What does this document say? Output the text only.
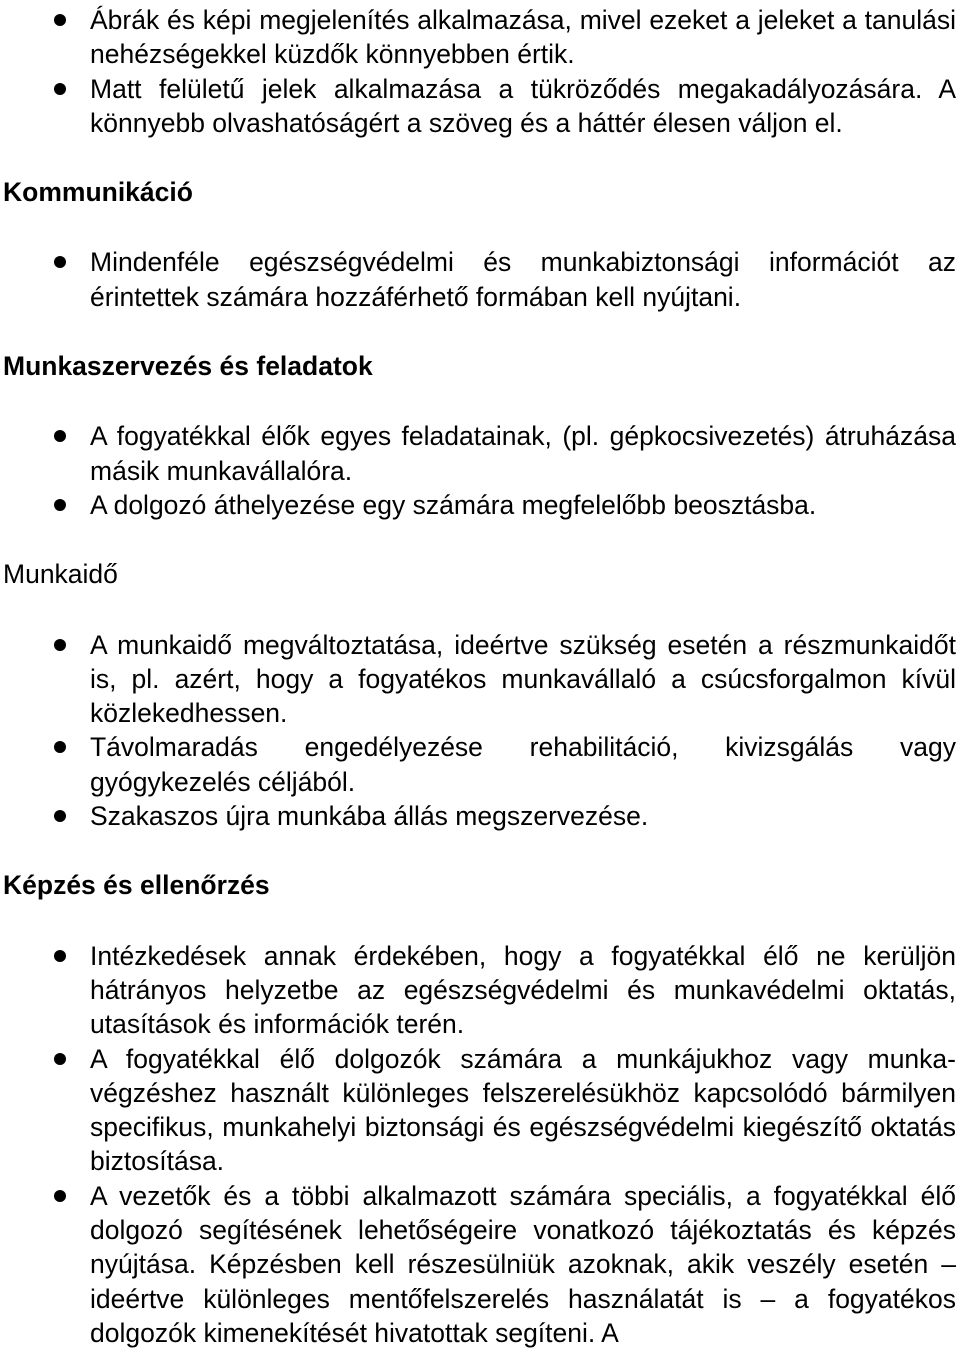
Ábrák és képi megjelenítés alkalmazása, mivel ezeket a jeleket a tanulási nehézségekkel küzdők könnyebben értik.
Matt felületű jelek alkalmazása a tükröződés megakadályozására. A könnyebb olvashatóságért a szöveg és a háttér élesen váljon el.
Kommunikáció
Mindenféle egészségvédelmi és munkabiztonsági információt az érintettek számára hozzáférhető formában kell nyújtani.
Munkaszervezés és feladatok
A fogyatékkal élők egyes feladatainak, (pl. gépkocsivezetés) átruházása másik munkavállalóra.
A dolgozó áthelyezése egy számára megfelelőbb beosztásba.
Munkaidő
A munkaidő megváltoztatása, ideértve szükség esetén a részmunkaidőt is, pl. azért, hogy a fogyatékos munkavállaló a csúcsforgalmon kívül közlekedhessen.
Távolmaradás engedélyezése rehabilitáció, kivizsgálás vagy gyógykezelés céljából.
Szakaszos újra munkába állás megszervezése.
Képzés és ellenőrzés
Intézkedések annak érdekében, hogy a fogyatékkal élő ne kerüljön hátrányos helyzetbe az egészségvédelmi és munkavédelmi oktatás, utasítások és információk terén.
A fogyatékkal élő dolgozók számára a munkájukhoz vagy munkavégzéshez használt különleges felszerelésükhöz kapcsolódó bármilyen specifikus, munkahelyi biztonsági és egészségvédelmi kiegészítő oktatás biztosítása.
A vezetők és a többi alkalmazott számára speciális, a fogyatékkal élő dolgozó segítésének lehetőségeire vonatkozó tájékoztatás és képzés nyújtása. Képzésben kell részesülniük azoknak, akik veszély esetén – ideértve különleges mentőfelszerelés használatát is – a fogyatékos dolgozók kimenekítését hivatottak segíteni. A
